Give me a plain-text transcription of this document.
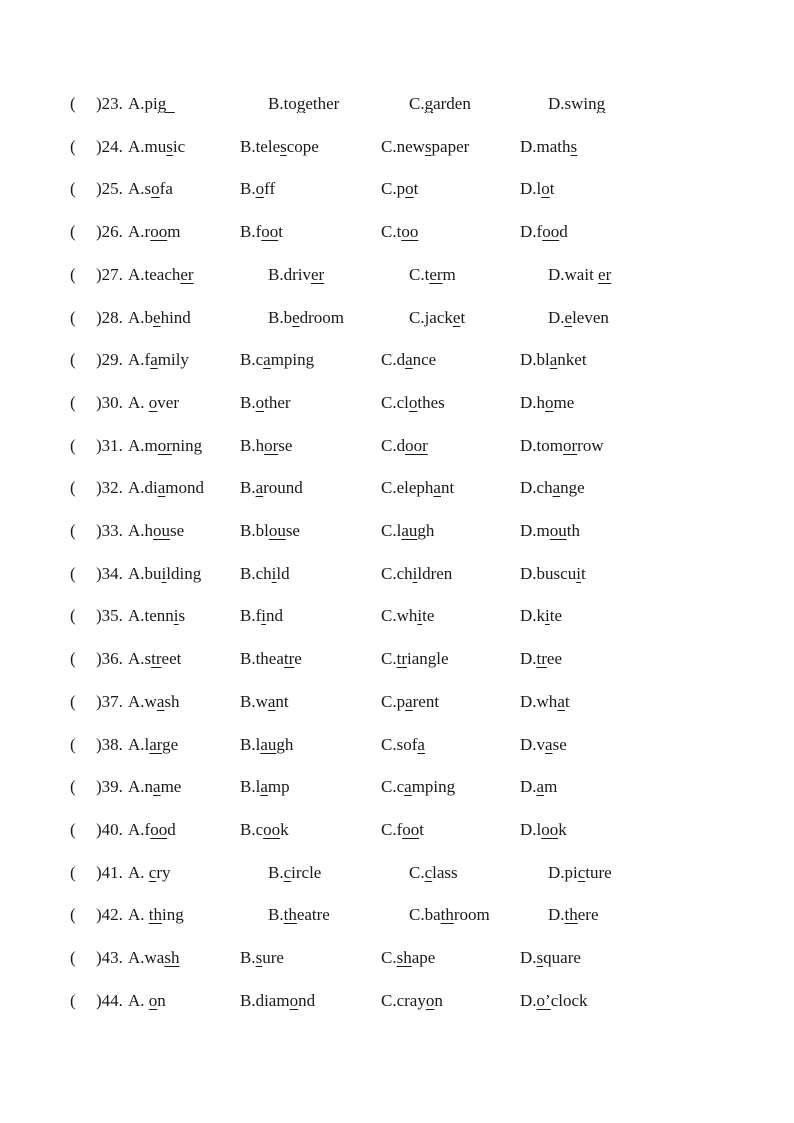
( )23. A.pig	B.together	C.garden	D.swing
( )24. A.music	B.telescope	C.newspaper	D.maths
( )25. A.sofa	B.off	C.pot	D.lot
( )26. A.room	B.foot	C.too	D.food
( )27. A.teacher	B.driver	C.term	D.wait er
( )28. A.behind	B.bedroom	C.jacket	D.eleven
( )29. A.family	B.camping	C.dance	D.blanket
( )30. A. over	B.other	C.clothes	D.home
( )31. A.morning B.horse	C.door	D.tomorrow
( )32. A.diamond B.around	C.elephant	D.change
( )33. A.house	B.blouse	C.laugh	D.mouth
( )34. A.building B.child	C.children	D.buscuit
( )35. A.tennis	B.find	C.white	D.kite
( )36. A.street	B.theatre	C.triangle	D.tree
( )37. A.wash	B.want	C.parent	D.what
( )38. A.large	B.laugh	C.sofa	D.vase
( )39. A.name	B.lamp	C.camping	D.am
( )40. A.food	B.cook	C.foot	D.look
( )41. A. cry	B.circle	C.class	D.picture
( )42. A. thing	B.theatre	C.bathroom	D.there
( )43. A.wash	B.sure	C.shape	D.square
( )44. A. on	B.diamond	C.crayon	D.o’clock
